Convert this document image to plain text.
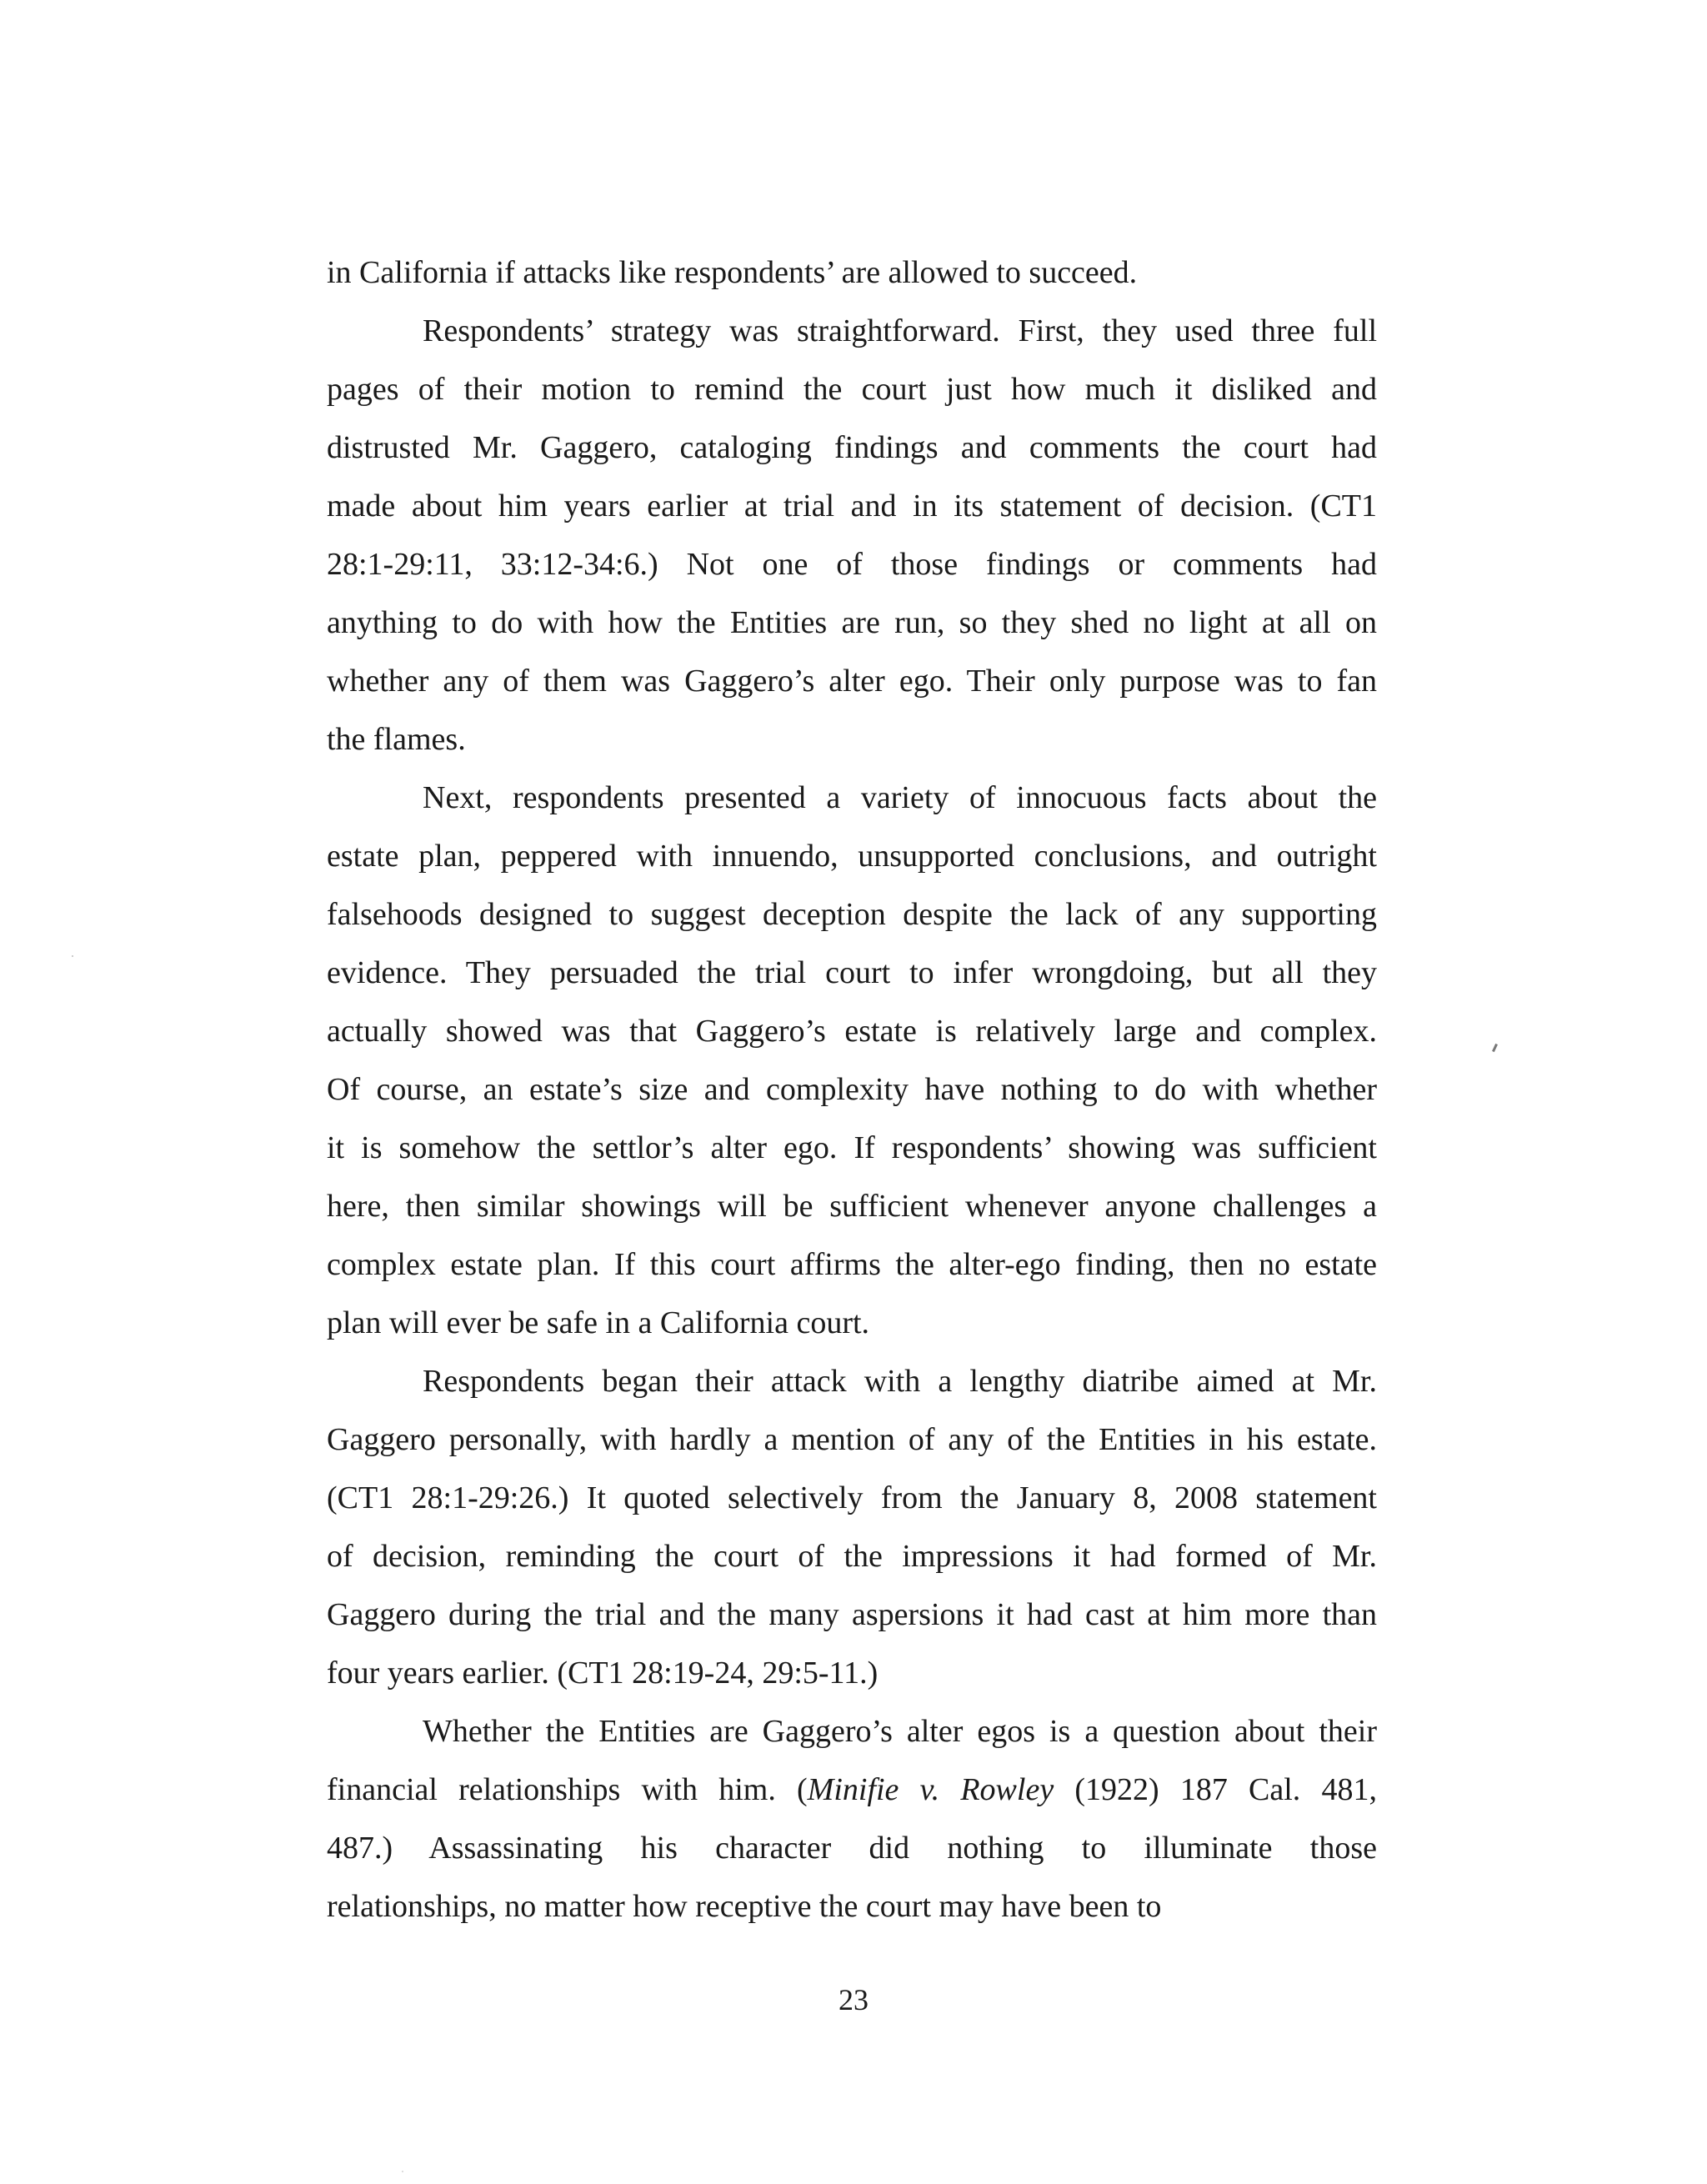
in California if attacks like respondents’ are allowed to succeed.
Respondents’ strategy was straightforward. First, they used three full
pages of their motion to remind the court just how much it disliked and
distrusted Mr. Gaggero, cataloging findings and comments the court had
made about him years earlier at trial and in its statement of decision. (CT1
28:1-29:11, 33:12-34:6.) Not one of those findings or comments had
anything to do with how the Entities are run, so they shed no light at all on
whether any of them was Gaggero’s alter ego. Their only purpose was to fan
the flames.
Next, respondents presented a variety of innocuous facts about the
estate plan, peppered with innuendo, unsupported conclusions, and outright
falsehoods designed to suggest deception despite the lack of any supporting
evidence. They persuaded the trial court to infer wrongdoing, but all they
actually showed was that Gaggero’s estate is relatively large and complex.
Of course, an estate’s size and complexity have nothing to do with whether
it is somehow the settlor’s alter ego. If respondents’ showing was sufficient
here, then similar showings will be sufficient whenever anyone challenges a
complex estate plan. If this court affirms the alter-ego finding, then no estate
plan will ever be safe in a California court.
Respondents began their attack with a lengthy diatribe aimed at Mr.
Gaggero personally, with hardly a mention of any of the Entities in his estate.
(CT1 28:1-29:26.) It quoted selectively from the January 8, 2008 statement
of decision, reminding the court of the impressions it had formed of Mr.
Gaggero during the trial and the many aspersions it had cast at him more than
four years earlier. (CT1 28:19-24, 29:5-11.)
Whether the Entities are Gaggero’s alter egos is a question about their
financial relationships with him. (Minifie v. Rowley (1922) 187 Cal. 481,
487.) Assassinating his character did nothing to illuminate those
relationships, no matter how receptive the court may have been to
23
